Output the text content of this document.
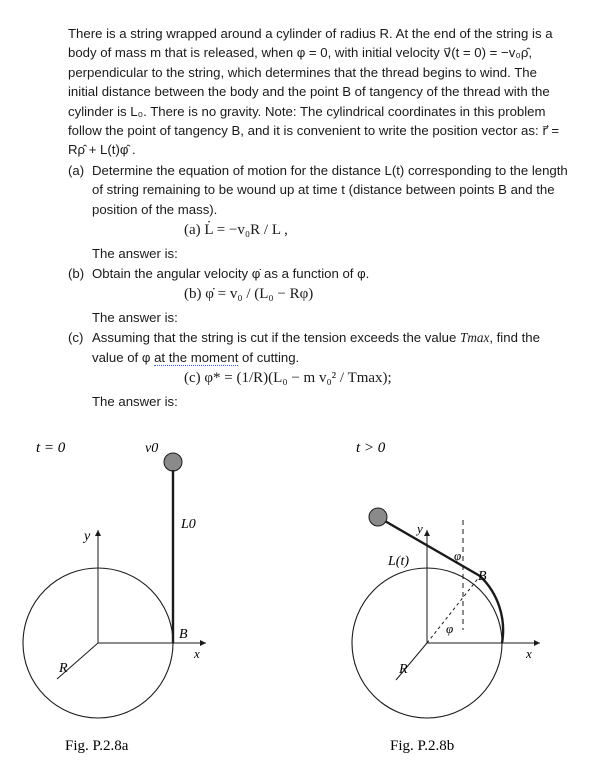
There is a string wrapped around a cylinder of radius R. At the end of the string is a body of mass m that is released, when φ = 0, with initial velocity v⃗(t = 0) = −v₀ρ̂, perpendicular to the string, which determines that the thread begins to wind. The initial distance between the body and the point B of tangency of the thread with the cylinder is L₀. There is no gravity. Note: The cylindrical coordinates in this problem follow the point of tangency B, and it is convenient to write the position vector as: r⃗ = Rρ̂ + L(t)φ̂ .

(a) Determine the equation of motion for the distance L(t) corresponding to the length of string remaining to be wound up at time t (distance between points B and the position of the mass).
(a) L̇ = −v₀R / L ,
The answer is:
(b) Obtain the angular velocity φ̇ as a function of φ.
(b) φ̇ = v₀ / (L₀ − Rφ)
The answer is:
(c) Assuming that the string is cut if the tension exceeds the value Tmax, find the value of φ at the moment of cutting.
(c) φ* = (1/R)(L₀ − m v₀² / Tmax);
The answer is:
t = 0	v0
L0
y
x
B
R
Fig. P.2.8a
t > 0
y
x
R
L(t)	φ
φ
B
Fig. P.2.8b
